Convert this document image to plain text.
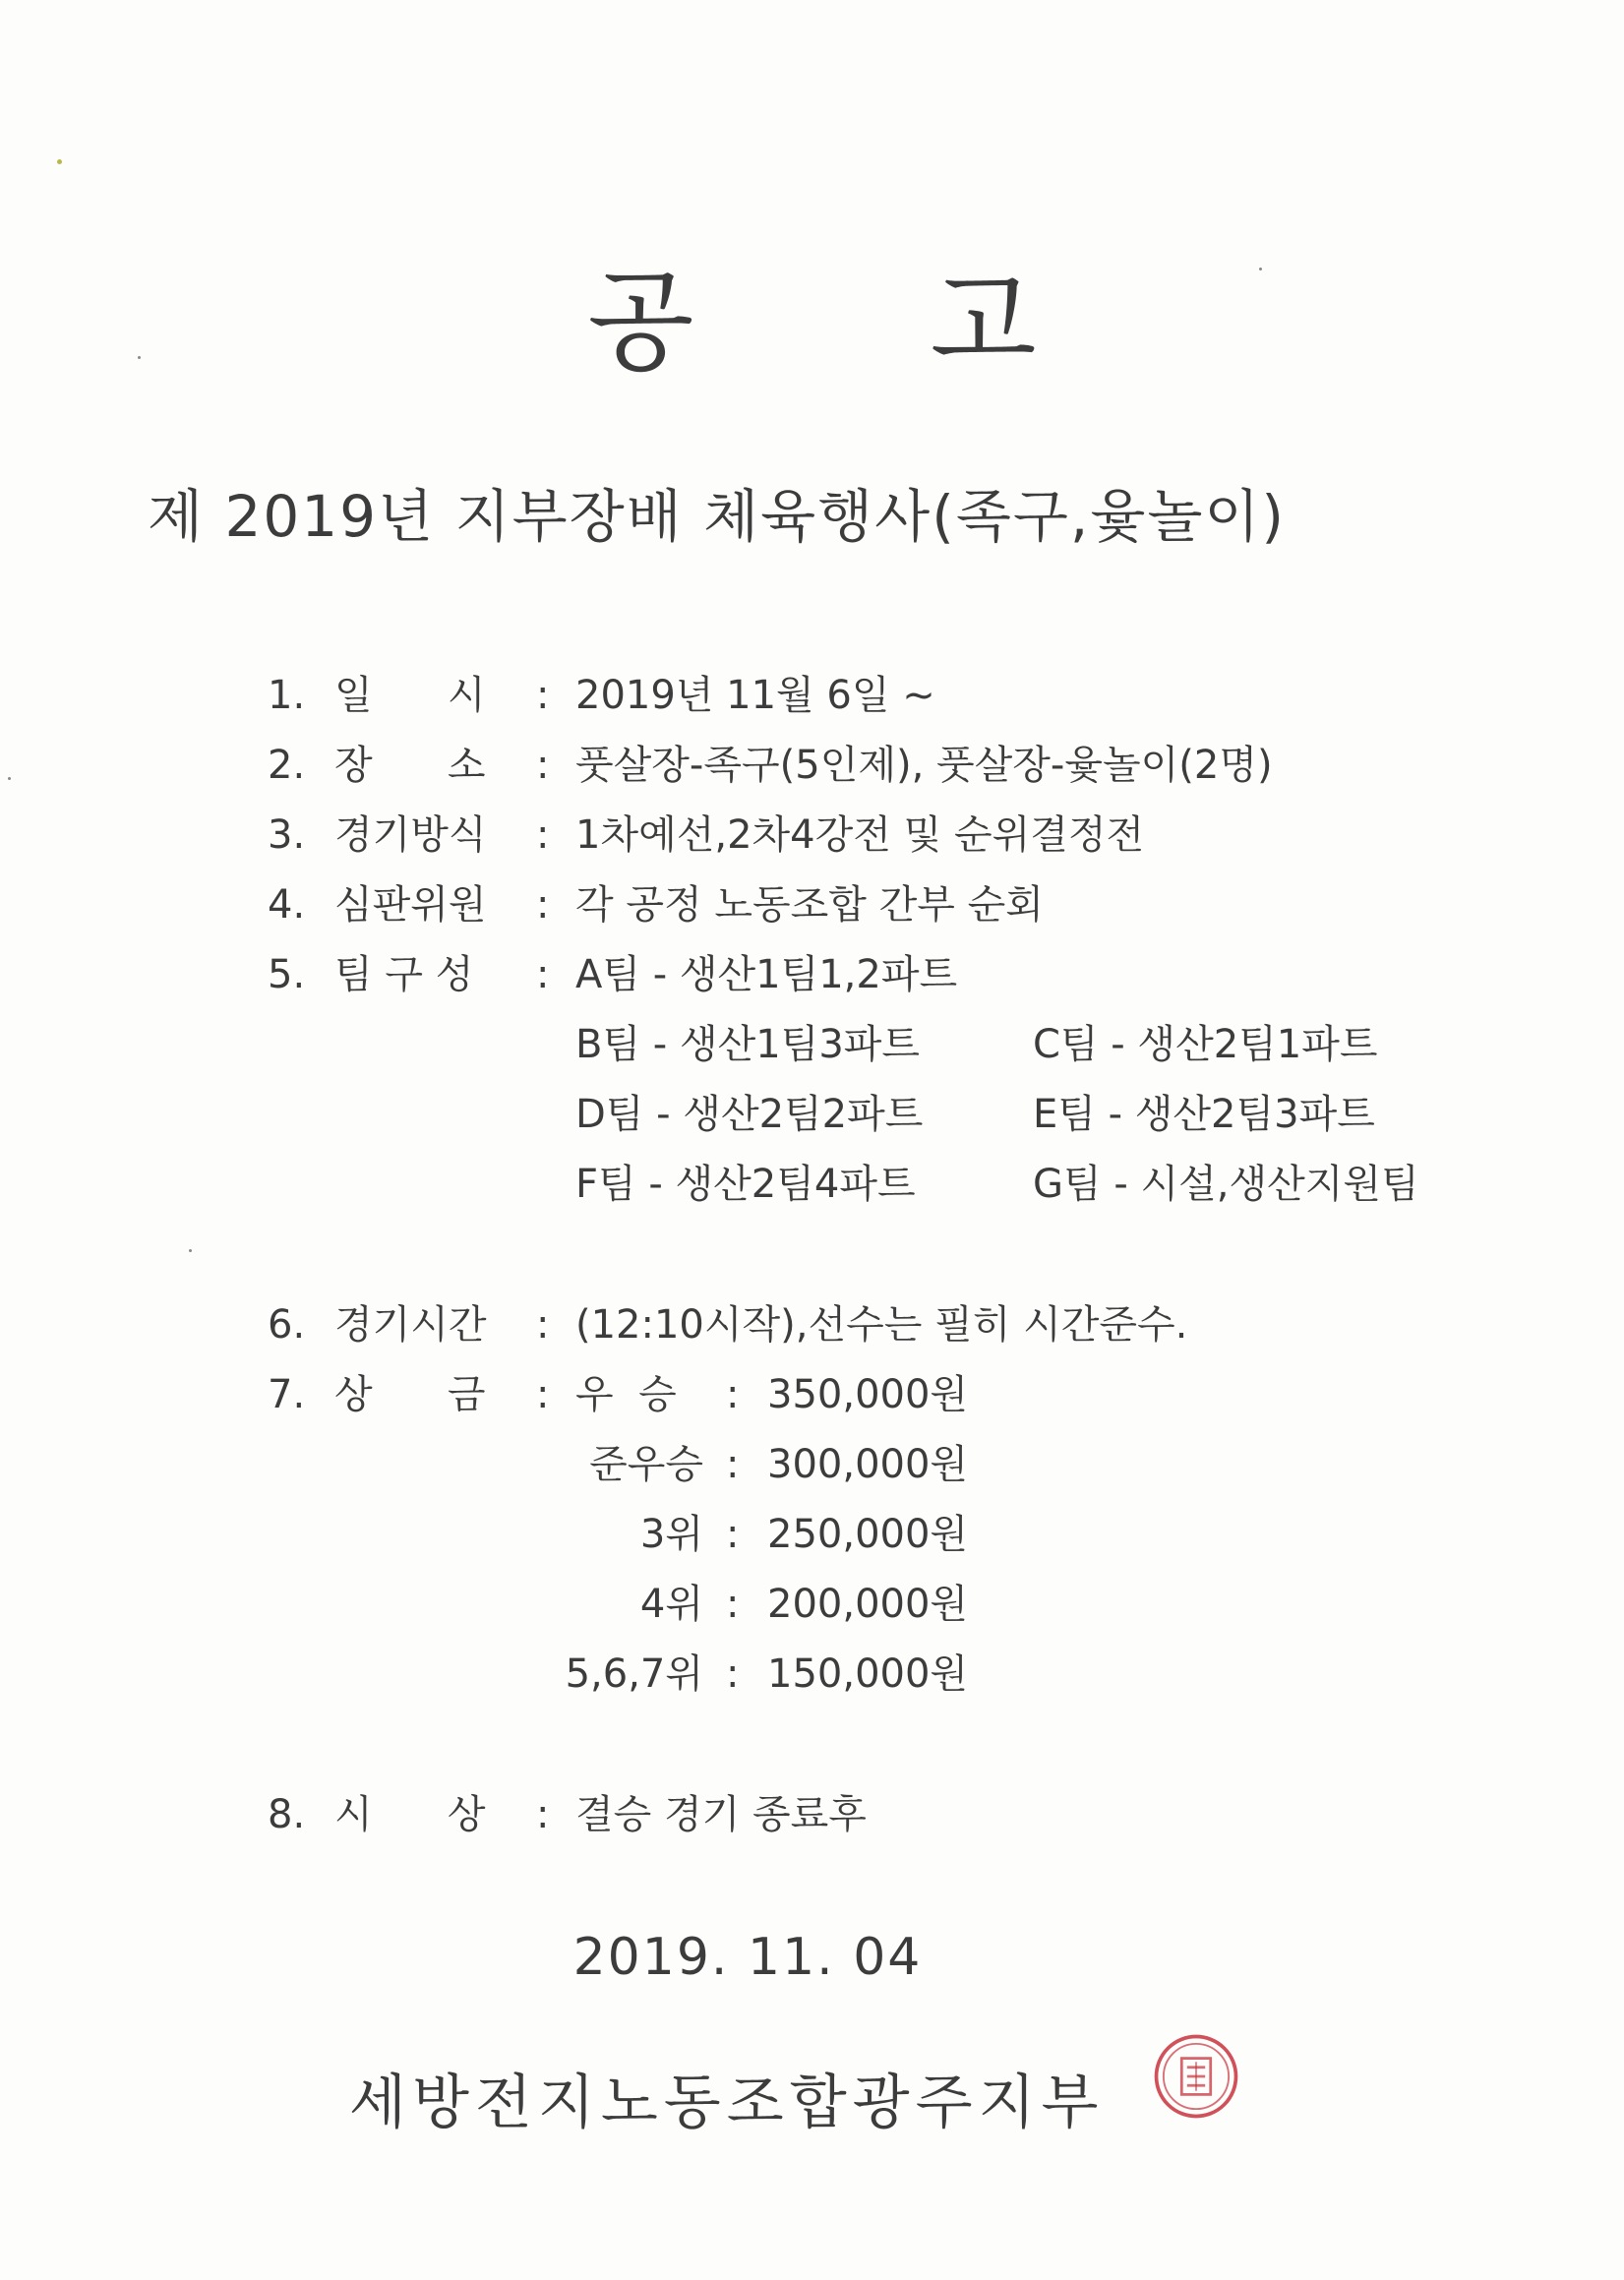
공 고
제 2019년 지부장배 체육행사(족구,윷놀이)
1. 일      시 : 2019년 11월 6일 ~
2. 장      소 : 풋살장-족구(5인제), 풋살장-윷놀이(2명)
3. 경기방식 : 1차예선,2차4강전 및 순위결정전
4. 심판위원 : 각 공정 노동조합 간부 순회
5. 팀 구 성 : A팀 - 생산1팀1,2파트
B팀 - 생산1팀3파트	C팀 - 생산2팀1파트
D팀 - 생산2팀2파트	E팀 - 생산2팀3파트
F팀 - 생산2팀4파트	G팀 - 시설,생산지원팀
6. 경기시간 : (12:10시작),선수는 필히 시간준수.
7. 상      금 : 우  승 : 350,000원
준우승 : 300,000원
3위 : 250,000원
4위 : 200,000원
5,6,7위 : 150,000원
8. 시      상 : 결승 경기 종료후
2019. 11. 04
세방전지노동조합광주지부
